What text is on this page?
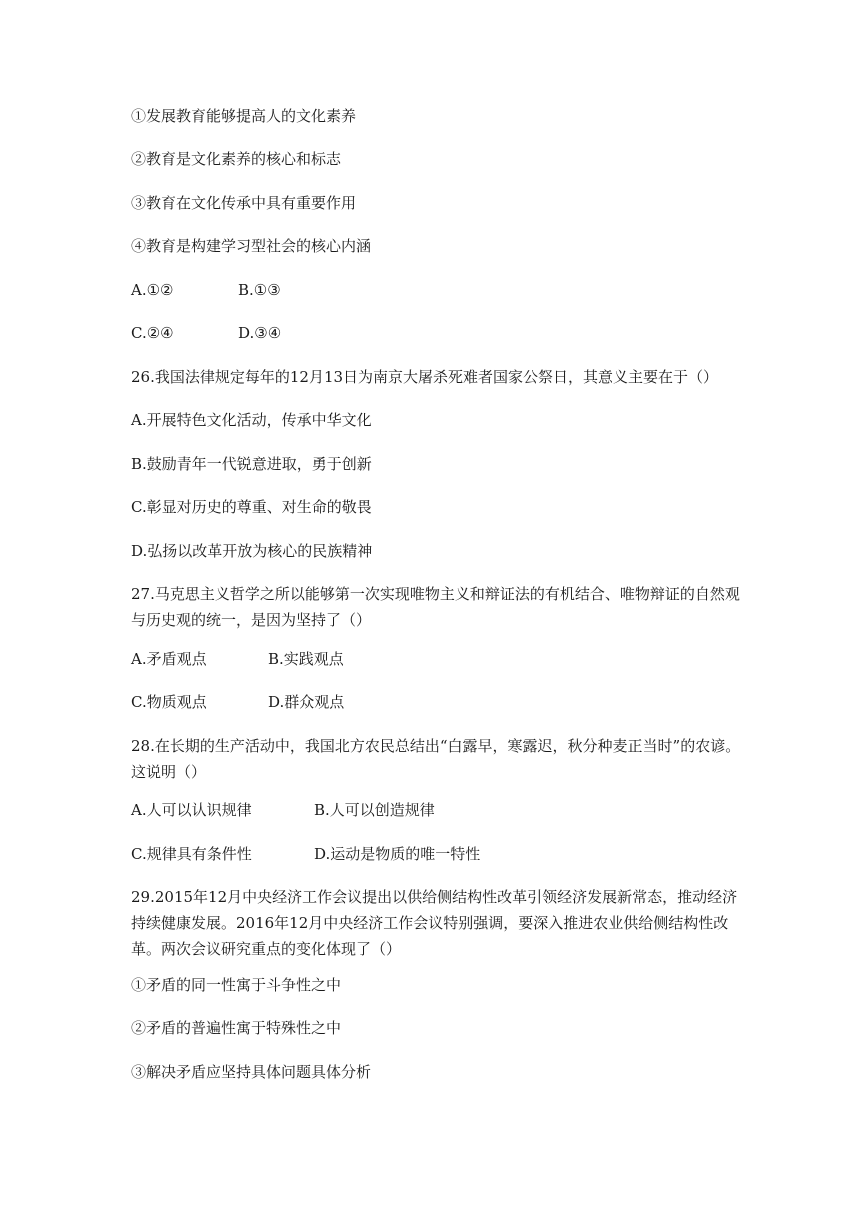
①发展教育能够提高人的文化素养
②教育是文化素养的核心和标志
③教育在文化传承中具有重要作用
④教育是构建学习型社会的核心内涵
A.①②	B.①③
C.②④	D.③④
26.我国法律规定每年的12月13日为南京大屠杀死难者国家公祭日，其意义主要在于（）
A.开展特色文化活动，传承中华文化
B.鼓励青年一代锐意进取，勇于创新
C.彰显对历史的尊重、对生命的敬畏
D.弘扬以改革开放为核心的民族精神
27.马克思主义哲学之所以能够第一次实现唯物主义和辩证法的有机结合、唯物辩证的自然观与历史观的统一，是因为坚持了（）
A.矛盾观点	B.实践观点
C.物质观点	D.群众观点
28.在长期的生产活动中，我国北方农民总结出“白露早，寒露迟，秋分种麦正当时”的农谚。这说明（）
A.人可以认识规律	B.人可以创造规律
C.规律具有条件性	D.运动是物质的唯一特性
29.2015年12月中央经济工作会议提出以供给侧结构性改革引领经济发展新常态，推动经济持续健康发展。2016年12月中央经济工作会议特别强调，要深入推进农业供给侧结构性改革。两次会议研究重点的变化体现了（）
①矛盾的同一性寓于斗争性之中
②矛盾的普遍性寓于特殊性之中
③解决矛盾应坚持具体问题具体分析
